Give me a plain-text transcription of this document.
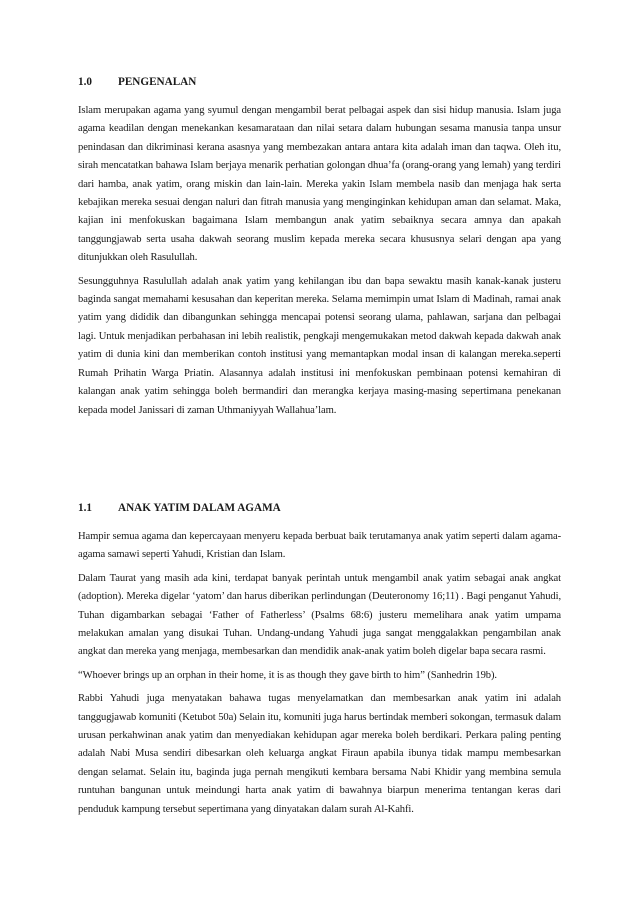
1.0	PENGENALAN

Islam merupakan agama yang syumul dengan mengambil berat pelbagai aspek dan sisi hidup manusia. Islam juga agama keadilan dengan menekankan kesamarataan dan nilai setara dalam hubungan sesama manusia tanpa unsur penindasan dan dikriminasi kerana asasnya yang membezakan antara antara kita adalah iman dan taqwa. Oleh itu, sirah mencatatkan bahawa Islam berjaya menarik perhatian golongan dhua’fa (orang-orang yang lemah) yang terdiri dari hamba, anak yatim, orang miskin dan lain-lain. Mereka yakin Islam membela nasib dan menjaga hak serta kebajikan mereka sesuai dengan naluri dan fitrah manusia yang menginginkan kehidupan aman dan selamat. Maka, kajian ini menfokuskan bagaimana Islam membangun anak yatim sebaiknya secara amnya dan apakah tanggungjawab serta usaha dakwah seorang muslim kepada mereka secara khususnya selari dengan apa yang ditunjukkan oleh Rasulullah.

Sesungguhnya Rasulullah adalah anak yatim yang kehilangan ibu dan bapa sewaktu masih kanak-kanak justeru baginda sangat memahami kesusahan dan keperitan mereka. Selama memimpin umat Islam di Madinah, ramai anak yatim yang dididik dan dibangunkan sehingga mencapai potensi seorang ulama, pahlawan, sarjana dan pelbagai lagi. Untuk menjadikan perbahasan ini lebih realistik, pengkaji mengemukakan metod dakwah kepada dakwah anak yatim di dunia kini dan memberikan contoh institusi yang memantapkan modal insan di kalangan mereka.seperti Rumah Prihatin Warga Priatin. Alasannya adalah institusi ini menfokuskan pembinaan potensi kemahiran di kalangan anak yatim sehingga boleh bermandiri dan merangka kerjaya masing-masing sepertimana penekanan kepada model Janissari di zaman Uthmaniyyah Wallahua’lam.

1.1	ANAK YATIM DALAM AGAMA

Hampir semua agama dan kepercayaan menyeru kepada berbuat baik terutamanya anak yatim seperti dalam agama-agama samawi seperti Yahudi, Kristian dan Islam.

Dalam Taurat yang masih ada kini, terdapat banyak perintah untuk mengambil anak yatim sebagai anak angkat (adoption). Mereka digelar ‘yatom’ dan harus diberikan perlindungan (Deuteronomy 16;11) . Bagi penganut Yahudi, Tuhan digambarkan sebagai ‘Father of Fatherless’ (Psalms 68:6) justeru memelihara anak yatim umpama melakukan amalan yang disukai Tuhan. Undang-undang Yahudi juga sangat menggalakkan pengambilan anak angkat dan mereka yang menjaga, membesarkan dan mendidik anak-anak yatim boleh digelar bapa secara rasmi.

“Whoever brings up an orphan in their home, it is as though they gave birth to him” (Sanhedrin 19b).

Rabbi Yahudi juga menyatakan bahawa tugas menyelamatkan dan membesarkan anak yatim ini adalah tanggugjawab komuniti (Ketubot 50a) Selain itu, komuniti juga harus bertindak memberi sokongan, termasuk dalam urusan perkahwinan anak yatim dan menyediakan kehidupan agar mereka boleh berdikari. Perkara paling penting adalah Nabi Musa sendiri dibesarkan oleh keluarga angkat Firaun apabila ibunya tidak mampu membesarkan dengan selamat. Selain itu, baginda juga pernah mengikuti kembara bersama Nabi Khidir yang membina semula runtuhan bangunan untuk meindungi harta anak yatim di bawahnya biarpun menerima tentangan keras dari penduduk kampung tersebut sepertimana yang dinyatakan dalam surah Al-Kahfi.
